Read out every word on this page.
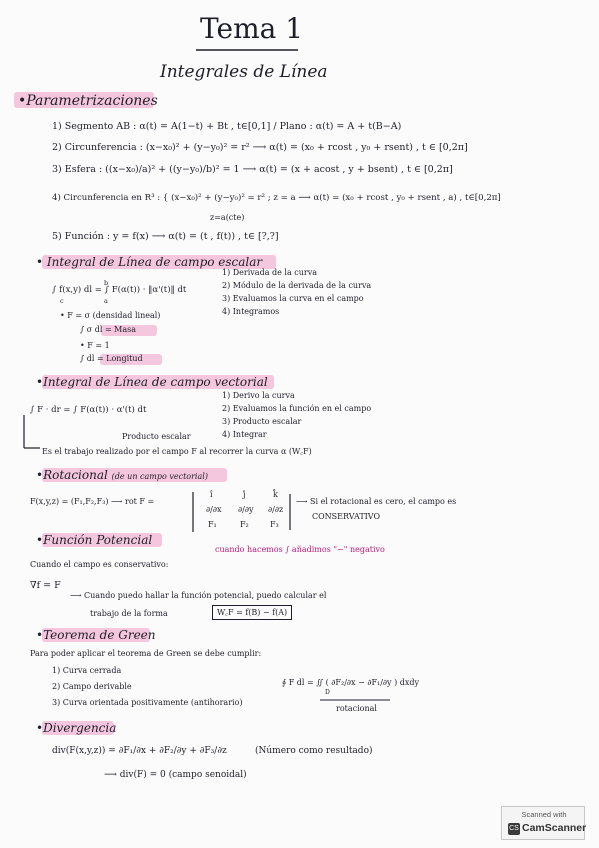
Tema 1
Integrales de Línea
•Parametrizaciones
1) Segmento AB : α(t) = A(1−t) + Bt , t∈[0,1] / Plano : α(t) = A + t(B−A)
2) Circunferencia : (x−x₀)² + (y−y₀)² = r² ⟶ α(t) = (x₀ + rcost , y₀ + rsent) , t ∈ [0,2π]
3) Esfera : ((x−x₀)/a)² + ((y−y₀)/b)² = 1 ⟶ α(t) = (x + acost , y + bsent) , t ∈ [0,2π]
4) Circunferencia en R³ : { (x−x₀)² + (y−y₀)² = r² ; z = a ⟶ α(t) = (x₀ + rcost , y₀ + rsent , a) , t∈[0,2π]
z=a(cte)
5) Función : y = f(x) ⟶ α(t) = (t , f(t)) , t∈ [?,?]
• Integral de Línea de campo escalar
∫ f(x,y) dl = ∫ F(α(t)) · ‖α'(t)‖ dt
c	a
b
1) Derivada de la curva
2) Módulo de la derivada de la curva
3) Evaluamos la curva en el campo
4) Integramos
• F = σ (densidad lineal)
∫ σ dl = Masa
• F = 1
∫ dl = Longitud
•Integral de Línea de campo vectorial
∫ F · dr = ∫ F(α(t)) · α'(t) dt
Producto escalar
1) Derivo la curva
2) Evaluamos la función en el campo
3) Producto escalar
4) Integrar
Es el trabajo realizado por el campo F al recorrer la curva α (W꜀F)
•Rotacional (de un campo vectorial)
F(x,y,z) = (F₁,F₂,F₃) ⟶ rot F =
î	ĵ	k̂
∂/∂x ∂/∂y ∂/∂z
F₁	F₂	F₃
⟶ Si el rotacional es cero, el campo es
CONSERVATIVO
•Función Potencial
cuando hacemos ∫ añadimos "−" negativo
Cuando el campo es conservativo:
∇f = F
⟶ Cuando puedo hallar la función potencial, puedo calcular el
trabajo de la forma	W꜀F = f(B) − f(A)
•Teorema de Green
Para poder aplicar el teorema de Green se debe cumplir:
1) Curva cerrada
2) Campo derivable
3) Curva orientada positivamente (antihorario)
∮ F dl = ∬ ( ∂F₂/∂x − ∂F₁/∂y ) dxdy
rotacional
D
•Divergencia
div(F(x,y,z)) = ∂F₁/∂x + ∂F₂/∂y + ∂F₃/∂z	(Número como resultado)
⟶ div(F) = 0 (campo senoidal)
Scanned with
CS CamScanner
